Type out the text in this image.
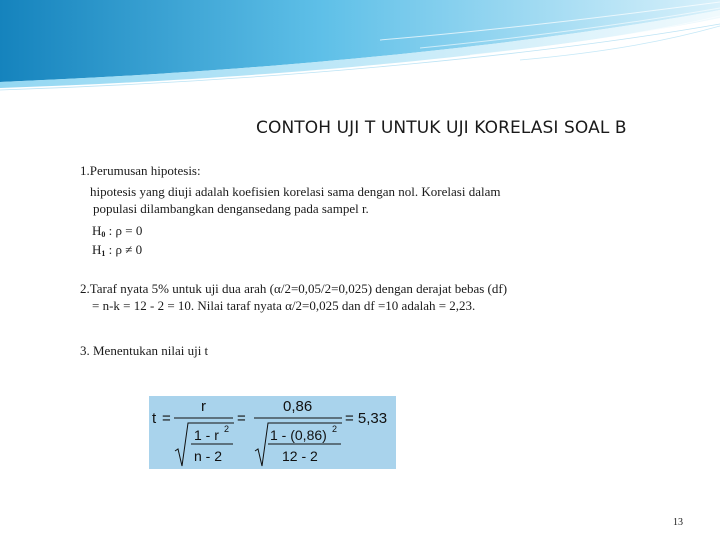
CONTOH UJI T UNTUK UJI KORELASI SOAL B
1.Perumusan hipotesis:
hipotesis yang diuji adalah koefisien korelasi sama dengan nol. Korelasi dalam
populasi dilambangkan dengansedang pada sampel r.
$H_0$ : ρ = 0
$H_1$ : ρ ≠ 0
2.Taraf nyata 5% untuk uji dua arah (α/2=0,05/2=0,025) dengan derajat bebas (df)
= n-k = 12 - 2 = 10. Nilai taraf nyata α/2=0,025 dan df =10 adalah = 2,23.
3. Menentukan nilai uji t
t =
r
1 - r 2
n - 2
=
0,86
1 - (0,86) 2
12 - 2
= 5,33
13
